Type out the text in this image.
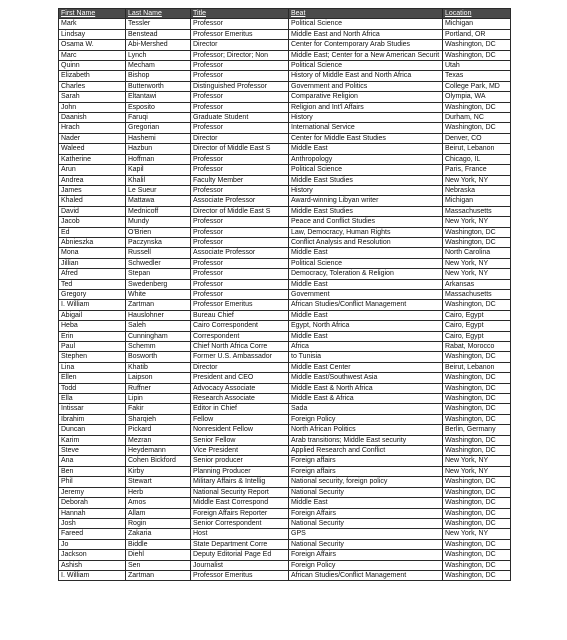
First Name	Last Name	Title	Beat	Location
Mark	Tessler	Professor	Political Science	Michigan
Lindsay	Benstead	Professor Emeritus	Middle East and North Africa	Portland, OR
Osama W.	Abi-Mershed	Director	Center for Contemporary Arab Studies	Washington, DC
Marc	Lynch	Professor; Director; Non	Middle East; Center for a New American Securit	Washington, DC
Quinn	Mecham	Professor	Political Science	Utah
Elizabeth	Bishop	Professor	History of Middle East and North Africa	Texas
Charles	Butterworth	Distinguished Professor	Government and Politics	College Park, MD
Sarah	Eltantawi	Professor	Comparative Religion	Olympia, WA
John	Esposito	Professor	Religion and Int'l Affairs	Washington, DC
Daanish	Faruqi	Graduate Student	History	Durham, NC
Hrach	Gregorian	Professor	International Service	Washington, DC
Nader	Hashemi	Director	Center for Middle East Studies	Denver, CO
Waleed	Hazbun	Director of Middle East S	Middle East	Beirut, Lebanon
Katherine	Hoffman	Professor	Anthropology	Chicago, IL
Arun	Kapil	Professor	Political Science	Paris, France
Andrea	Khalil	Faculty Member	Middle East Studies	New York, NY
James	Le Sueur	Professor	History	Nebraska
Khaled	Mattawa	Associate Professor	Award-winning Libyan writer	Michigan
David	Mednicoff	Director of Middle East S	Middle East Studies	Massachusetts
Jacob	Mundy	Professor	Peace and Conflict Studies	New York, NY
Ed	O'Brien	Professor	Law, Democracy, Human Rights	Washington, DC
Abnieszka	Paczynska	Professor	Conflict Analysis and Resolution	Washington, DC
Mona	Russell	Associate Professor	Middle East	North Carolina
Jillian	Schwedler	Professor	Political Science	New York, NY
Afred	Stepan	Professor	Democracy, Toleration & Religion	New York, NY
Ted	Swedenberg	Professor	Middle East	Arkansas
Gregory	White	Professor	Government	Massachusetts
I. William	Zartman	Professor Emeritus	African Studies/Conflict Management	Washington, DC
Abigail	Hauslohner	Bureau Chief	Middle East	Cairo, Egypt
Heba	Saleh	Cairo Correspondent	Egypt, North Africa	Cairo, Egypt
Erin	Cunningham	Correspondent	Middle East	Cairo, Egypt
Paul	Schemm	Chief North Africa Corre	Africa	Rabat, Morocco
Stephen	Bosworth	Former U.S. Ambassador	to Tunisia	Washington, DC
Lina	Khatib	Director	Middle East Center	Beirut, Lebanon
Ellen	Laipson	President and CEO	Middle East/Southwest Asia	Washington, DC
Todd	Ruffner	Advocacy Associate	Middle East & North Africa	Washington, DC
Ella	Lipin	Research Associate	Middle East & Africa	Washington, DC
Intissar	Fakir	Editor in Chief	Sada	Washington, DC
Ibrahim	Sharqieh	Fellow	Foreign Policy	Washington, DC
Duncan	Pickard	Nonresident Fellow	North African Politics	Berlin, Germany
Karim	Mezran	Senior Fellow	Arab transitions; Middle East security	Washington, DC
Steve	Heydemann	Vice President	Applied Research and Conflict	Washington, DC
Ana	Cohen Bickford	Senior producer	Foreign affairs	New York, NY
Ben	Kirby	Planning Producer	Foreign affairs	New York, NY
Phil	Stewart	Military Affairs & Intellig	National security, foreign policy	Washington, DC
Jeremy	Herb	National Security Report	National Security	Washington, DC
Deborah	Amos	Middle East Correspond	Middle East	Washington, DC
Hannah	Allam	Foreign Affairs Reporter	Foreign Affairs	Washington, DC
Josh	Rogin	Senior Correspondent	National Security	Washington, DC
Fareed	Zakaria	Host	GPS	New York, NY
Jo	Biddle	State Department Corre	National Security	Washington, DC
Jackson	Diehl	Deputy Editorial Page Ed	Foreign Affairs	Washington, DC
Ashish	Sen	Journalist	Foreign Policy	Washington, DC
I. William	Zartman	Professor Emeritus	African Studies/Conflict Management	Washington, DC
